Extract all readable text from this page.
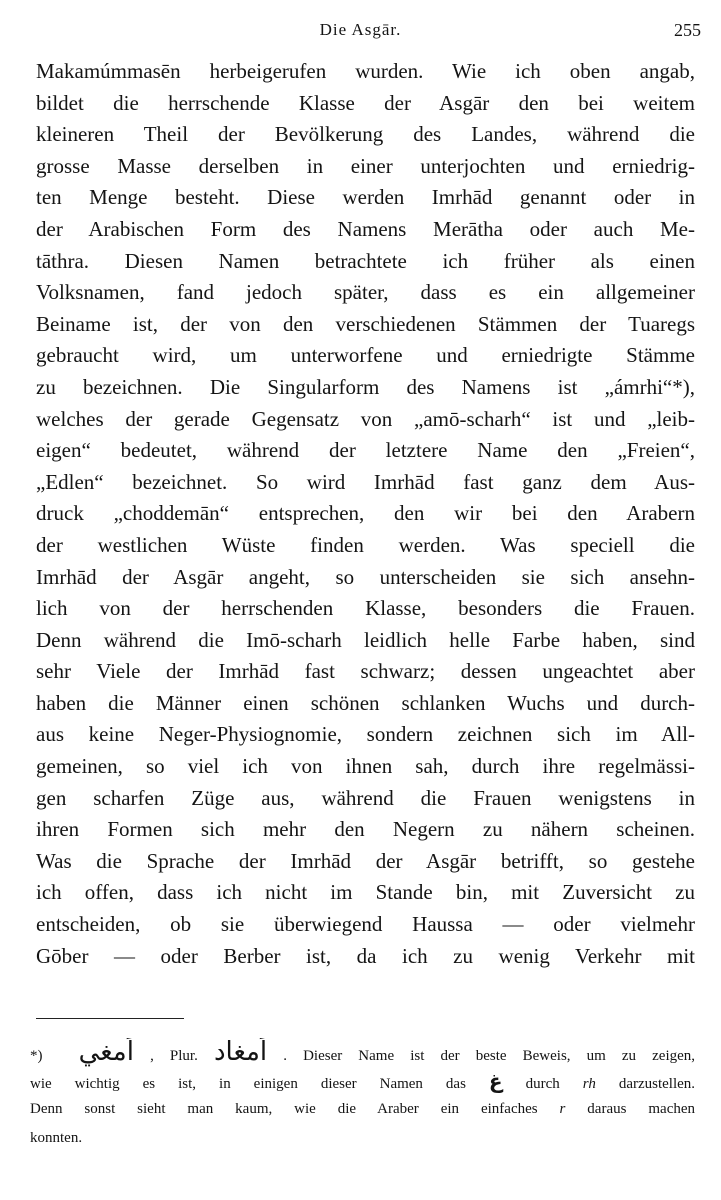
Die Asgār.	255
Makamúmmasēn herbeigerufen wurden. Wie ich oben angab,
bildet die herrschende Klasse der Asgār den bei weitem
kleineren Theil der Bevölkerung des Landes, während die
grosse Masse derselben in einer unterjochten und erniedrig-
ten Menge besteht. Diese werden Imrhād genannt oder in
der Arabischen Form des Namens Merātha oder auch Me-
tāthra. Diesen Namen betrachtete ich früher als einen
Volksnamen, fand jedoch später, dass es ein allgemeiner
Beiname ist, der von den verschiedenen Stämmen der Tuaregs
gebraucht wird, um unterworfene und erniedrigte Stämme
zu bezeichnen. Die Singularform des Namens ist „ámrhi“*),
welches der gerade Gegensatz von „amō-scharh“ ist und „leib-
eigen“ bedeutet, während der letztere Name den „Freien“,
„Edlen“ bezeichnet. So wird Imrhād fast ganz dem Aus-
druck „choddemān“ entsprechen, den wir bei den Arabern
der westlichen Wüste finden werden. Was speciell die
Imrhād der Asgār angeht, so unterscheiden sie sich ansehn-
lich von der herrschenden Klasse, besonders die Frauen.
Denn während die Imō-scharh leidlich helle Farbe haben, sind
sehr Viele der Imrhād fast schwarz; dessen ungeachtet aber
haben die Männer einen schönen schlanken Wuchs und durch-
aus keine Neger-Physiognomie, sondern zeichnen sich im All-
gemeinen, so viel ich von ihnen sah, durch ihre regelmässi-
gen scharfen Züge aus, während die Frauen wenigstens in
ihren Formen sich mehr den Negern zu nähern scheinen.
Was die Sprache der Imrhād der Asgār betrifft, so gestehe
ich offen, dass ich nicht im Stande bin, mit Zuversicht zu
entscheiden, ob sie überwiegend Haussa — oder vielmehr
Gōber — oder Berber ist, da ich zu wenig Verkehr mit
*) اَمغي , Plur. اَمغاد . Dieser Name ist der beste Beweis, um zu zeigen,
wie wichtig es ist, in einigen dieser Namen das غ durch rh darzustellen.
Denn sonst sieht man kaum, wie die Araber ein einfaches r daraus machen
konnten.
